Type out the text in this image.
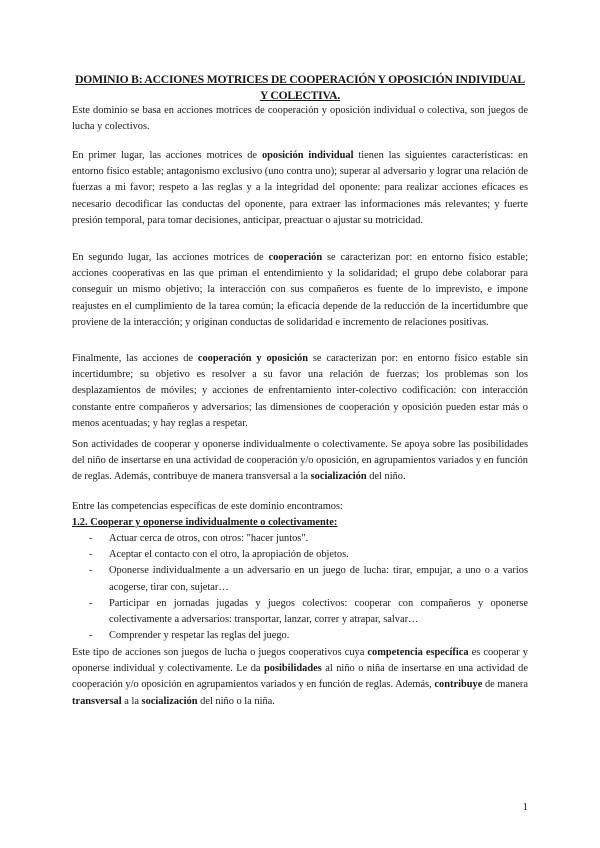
DOMINIO B: ACCIONES MOTRICES DE COOPERACIÓN Y OPOSICIÓN INDIVIDUAL Y COLECTIVA.

Este dominio se basa en acciones motrices de cooperación y oposición individual o colectiva, son juegos de lucha y colectivos.

En primer lugar, las acciones motrices de oposición individual tienen las siguientes características: en entorno físico estable; antagonismo exclusivo (uno contra uno); superar al adversario y lograr una relación de fuerzas a mi favor; respeto a las reglas y a la integridad del oponente: para realizar acciones eficaces es necesario decodificar las conductas del oponente, para extraer las informaciones más relevantes; y fuerte presión temporal, para tomar decisiones, anticipar, preactuar o ajustar su motricidad.

En segundo lugar, las acciones motrices de cooperación se caracterizan por: en entorno físico estable; acciones cooperativas en las que priman el entendimiento y la solidaridad; el grupo debe colaborar para conseguir un mismo objetivo; la interacción con sus compañeros es fuente de lo imprevisto, e impone reajustes en el cumplimiento de la tarea común; la eficacia depende de la reducción de la incertidumbre que proviene de la interacción; y originan conductas de solidaridad e incremento de relaciones positivas.

Finalmente, las acciones de cooperación y oposición se caracterizan por: en entorno físico estable sin incertidumbre; su objetivo es resolver a su favor una relación de fuerzas; los problemas son los desplazamientos de móviles; y acciones de enfrentamiento inter-colectivo codificación: con interacción constante entre compañeros y adversarios; las dimensiones de cooperación y oposición pueden estar más o menos acentuadas; y hay reglas a respetar.

Son actividades de cooperar y oponerse individualmente o colectivamente. Se apoya sobre las posibilidades del niño de insertarse en una actividad de cooperación y/o oposición, en agrupamientos variados y en función de reglas. Además, contribuye de manera transversal a la socialización del niño.

Entre las competencias específicas de este dominio encontramos:

1.2. Cooperar y oponerse individualmente o colectivamente:
- Actuar cerca de otros, con otros: "hacer juntos".
- Aceptar el contacto con el otro, la apropiación de objetos.
- Oponerse individualmente a un adversario en un juego de lucha: tirar, empujar, a uno o a varios acogerse, tirar con, sujetar…
- Participar en jornadas jugadas y juegos colectivos: cooperar con compañeros y oponerse colectivamente a adversarios: transportar, lanzar, correr y atrapar, salvar…
- Comprender y respetar las reglas del juego.

Este tipo de acciones son juegos de lucha o juegos cooperativos cuya competencia específica es cooperar y oponerse individual y colectivamente. Le da posibilidades al niño o niña de insertarse en una actividad de cooperación y/o oposición en agrupamientos variados y en función de reglas. Además, contribuye de manera transversal a la socialización del niño o la niña.

1
